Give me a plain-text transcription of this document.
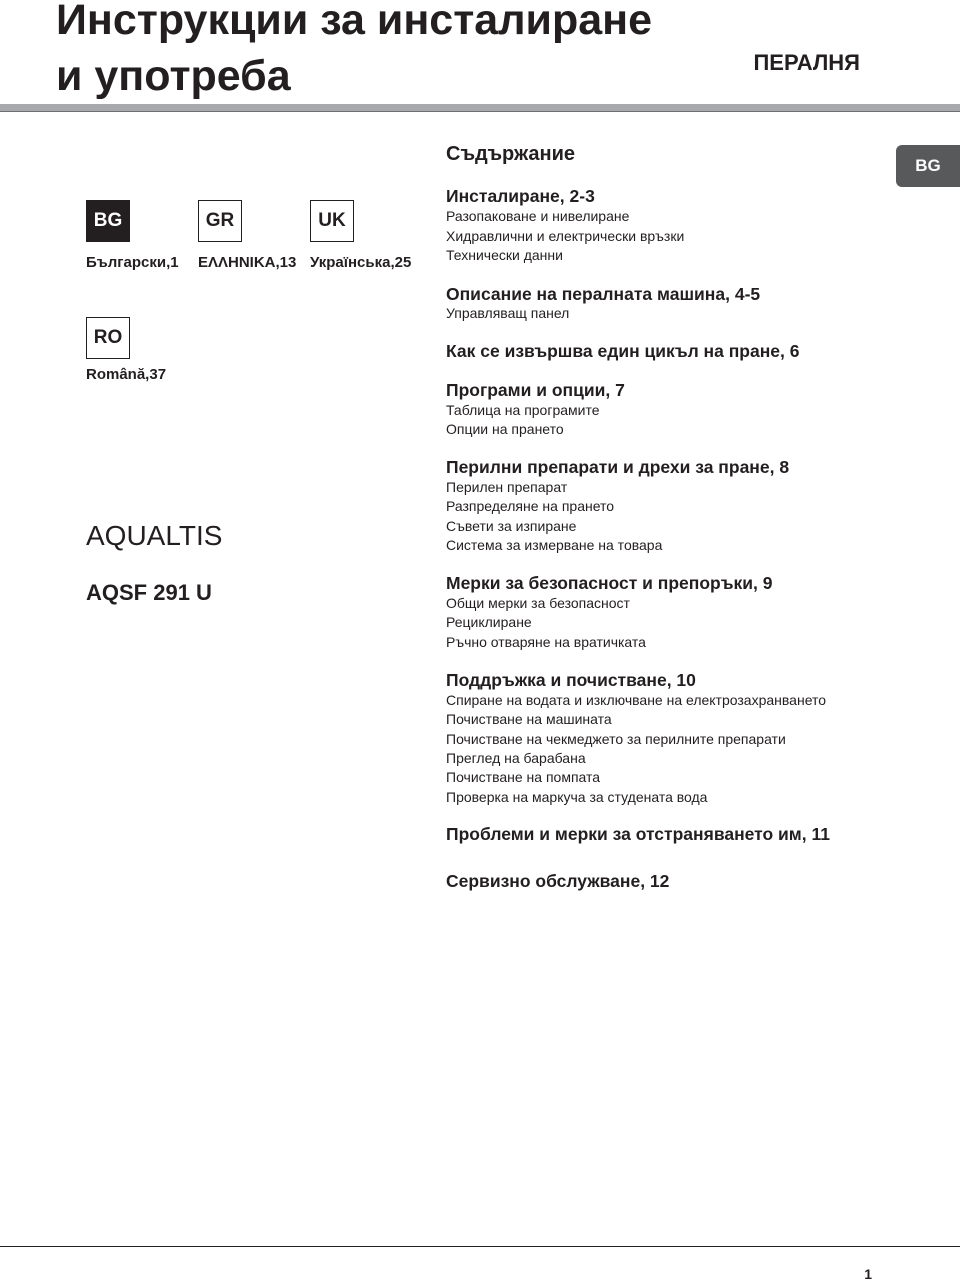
Инструкции за инсталиране
и употреба	ПЕРАЛНЯ
BG
BG
Български,1
GR
ΕΛΛΗΝΙΚΑ,13
UK
Українська,25
RO
Română,37
AQUALTIS
AQSF 291 U
Съдържание
Инсталиране, 2-3
Разопаковане и нивелиране
Хидравлични и електрически връзки
Технически данни
Описание на пералната машина, 4-5
Управляващ панел
Как се извършва един цикъл на пране, 6
Програми и опции, 7
Таблица на програмите
Опции на прането
Перилни препарати и дрехи за пране, 8
Перилен препарат
Разпределяне на прането
Съвети за изпиране
Система за измерване на товара
Мерки за безопасност и препоръки, 9
Общи мерки за безопасност
Рециклиране
Ръчно отваряне на вратичката
Поддръжка и почистване, 10
Спиране на водата и изключване на електрозахранването
Почистване на машината
Почистване на чекмеджето за перилните препарати
Преглед на барабана
Почистване на помпата
Проверка на маркуча за студената вода
Проблеми и мерки за отстраняването им, 11
Сервизно обслужване, 12
1
